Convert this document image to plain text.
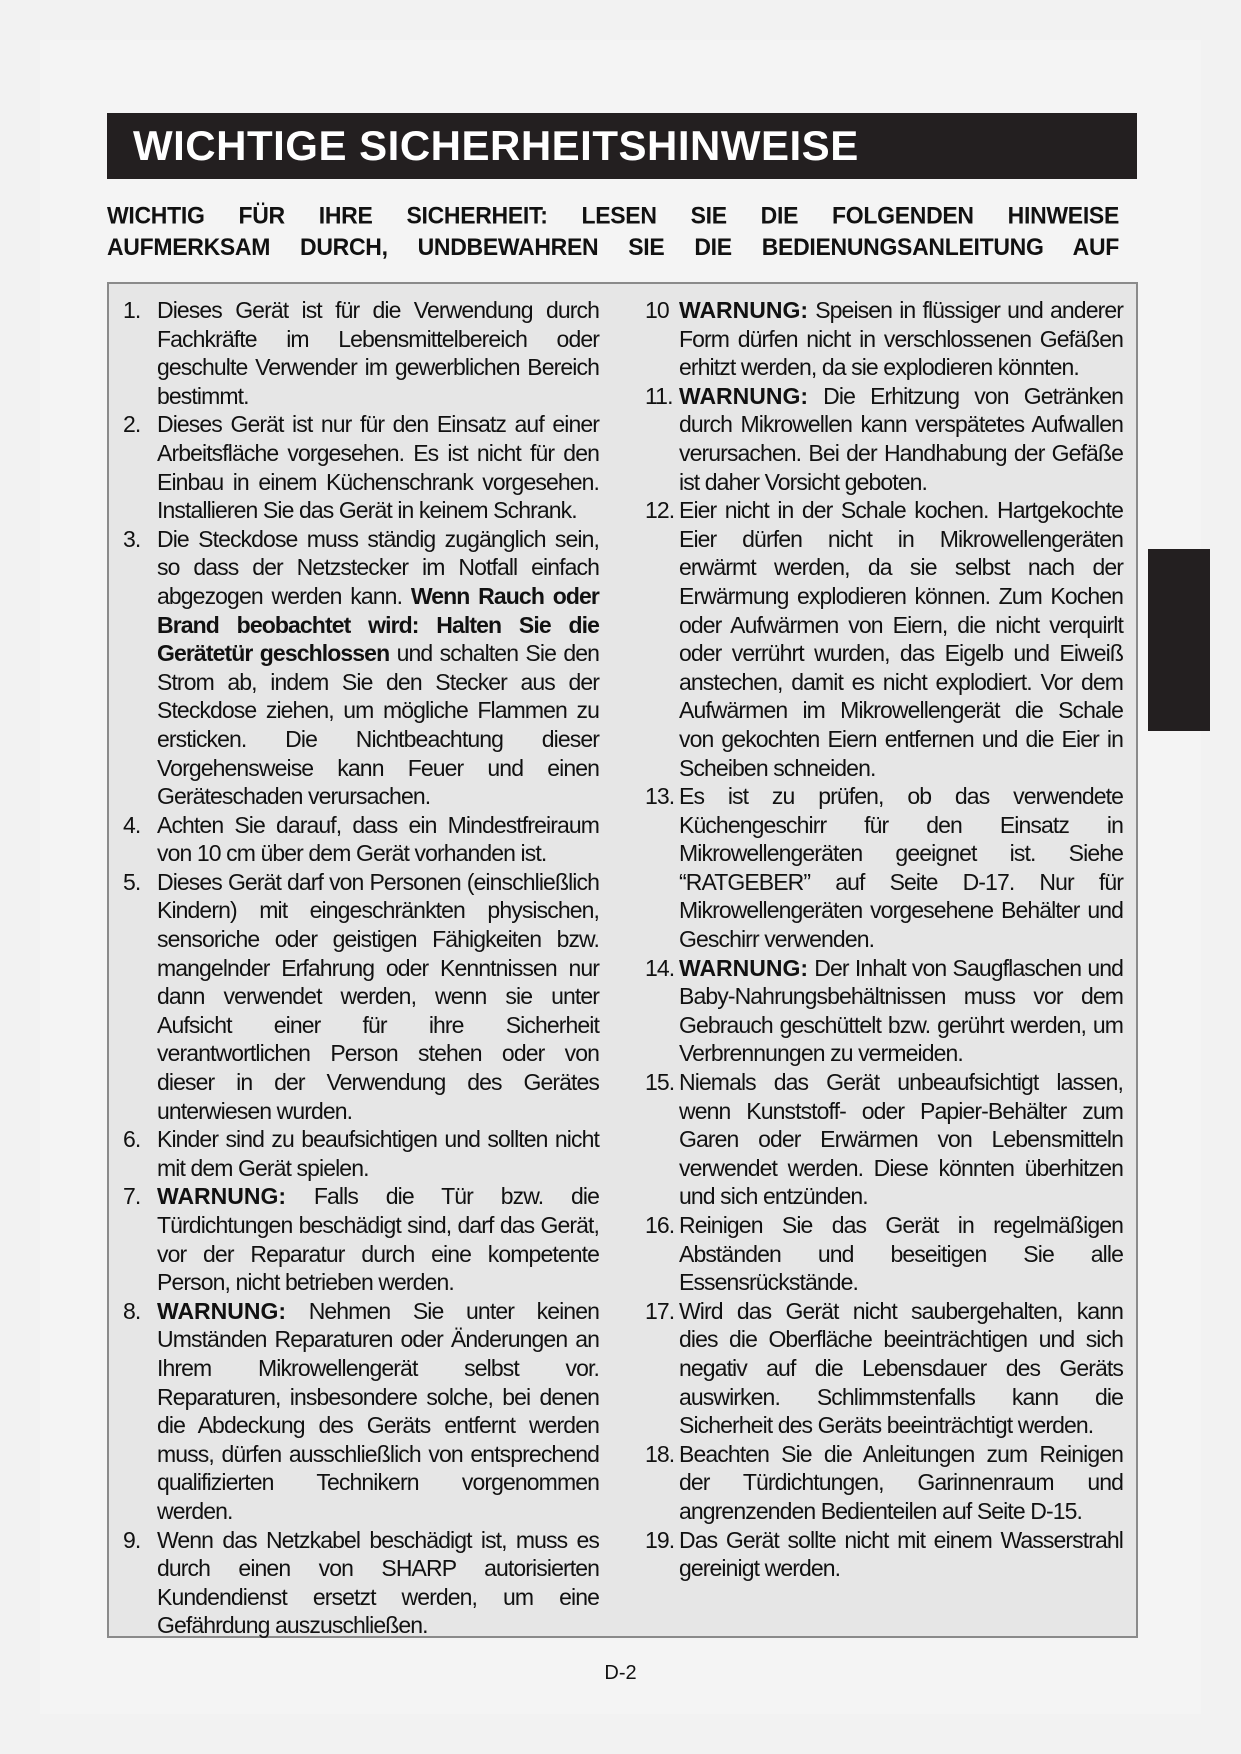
WICHTIGE SICHERHEITSHINWEISE
WICHTIG FÜR IHRE SICHERHEIT: LESEN SIE DIE FOLGENDEN HINWEISE
AUFMERKSAM DURCH, UNDBEWAHREN SIE DIE BEDIENUNGSANLEITUNG AUF
1. Dieses Gerät ist für die Verwendung durch Fachkräfte im Lebensmittelbereich oder geschulte Verwender im gewerblichen Bereich bestimmt.
2. Dieses Gerät ist nur für den Einsatz auf einer Arbeitsfläche vorgesehen. Es ist nicht für den Einbau in einem Küchenschrank vorgesehen. Installieren Sie das Gerät in keinem Schrank.
3. Die Steckdose muss ständig zugänglich sein, so dass der Netzstecker im Notfall einfach abgezogen werden kann. Wenn Rauch oder Brand beobachtet wird: Halten Sie die Gerätetür geschlossen und schalten Sie den Strom ab, indem Sie den Stecker aus der Steckdose ziehen, um mögliche Flammen zu ersticken. Die Nichtbeachtung dieser Vorgehensweise kann Feuer und einen Geräteschaden verursachen.
4. Achten Sie darauf, dass ein Mindestfreiraum von 10 cm über dem Gerät vorhanden ist.
5. Dieses Gerät darf von Personen (einschließlich Kindern) mit eingeschränkten physischen, sensoriche oder geistigen Fähigkeiten bzw. mangelnder Erfahrung oder Kenntnissen nur dann verwendet werden, wenn sie unter Aufsicht einer für ihre Sicherheit verantwortlichen Person stehen oder von dieser in der Verwendung des Gerätes unterwiesen wurden.
6. Kinder sind zu beaufsichtigen und sollten nicht mit dem Gerät spielen.
7. WARNUNG: Falls die Tür bzw. die Türdichtungen beschädigt sind, darf das Gerät, vor der Reparatur durch eine kompetente Person, nicht betrieben werden.
8. WARNUNG: Nehmen Sie unter keinen Umständen Reparaturen oder Änderungen an Ihrem Mikrowellengerät selbst vor. Reparaturen, insbesondere solche, bei denen die Abdeckung des Geräts entfernt werden muss, dürfen ausschließlich von entsprechend qualifizierten Technikern vorgenommen werden.
9. Wenn das Netzkabel beschädigt ist, muss es durch einen von SHARP autorisierten Kundendienst ersetzt werden, um eine Gefährdung auszuschließen.
10 WARNUNG: Speisen in flüssiger und anderer Form dürfen nicht in verschlossenen Gefäßen erhitzt werden, da sie explodieren könnten.
11. WARNUNG: Die Erhitzung von Getränken durch Mikrowellen kann verspätetes Aufwallen verursachen. Bei der Handhabung der Gefäße ist daher Vorsicht geboten.
12. Eier nicht in der Schale kochen. Hartgekochte Eier dürfen nicht in Mikrowellengeräten erwärmt werden, da sie selbst nach der Erwärmung explodieren können. Zum Kochen oder Aufwärmen von Eiern, die nicht verquirlt oder verrührt wurden, das Eigelb und Eiweiß anstechen, damit es nicht explodiert. Vor dem Aufwärmen im Mikrowellengerät die Schale von gekochten Eiern entfernen und die Eier in Scheiben schneiden.
13. Es ist zu prüfen, ob das verwendete Küchengeschirr für den Einsatz in Mikrowellengeräten geeignet ist. Siehe “RATGEBER” auf Seite D-17. Nur für Mikrowellengeräten vorgesehene Behälter und Geschirr verwenden.
14. WARNUNG: Der Inhalt von Saugflaschen und Baby-Nahrungsbehältnissen muss vor dem Gebrauch geschüttelt bzw. gerührt werden, um Verbrennungen zu vermeiden.
15. Niemals das Gerät unbeaufsichtigt lassen, wenn Kunststoff- oder Papier-Behälter zum Garen oder Erwärmen von Lebensmitteln verwendet werden. Diese könnten überhitzen und sich entzünden.
16. Reinigen Sie das Gerät in regelmäßigen Abständen und beseitigen Sie alle Essensrückstände.
17. Wird das Gerät nicht saubergehalten, kann dies die Oberfläche beeinträchtigen und sich negativ auf die Lebensdauer des Geräts auswirken. Schlimmstenfalls kann die Sicherheit des Geräts beeinträchtigt werden.
18. Beachten Sie die Anleitungen zum Reinigen der Türdichtungen, Garinnenraum und angrenzenden Bedienteilen auf Seite D-15.
19. Das Gerät sollte nicht mit einem Wasserstrahl gereinigt werden.
D-2
